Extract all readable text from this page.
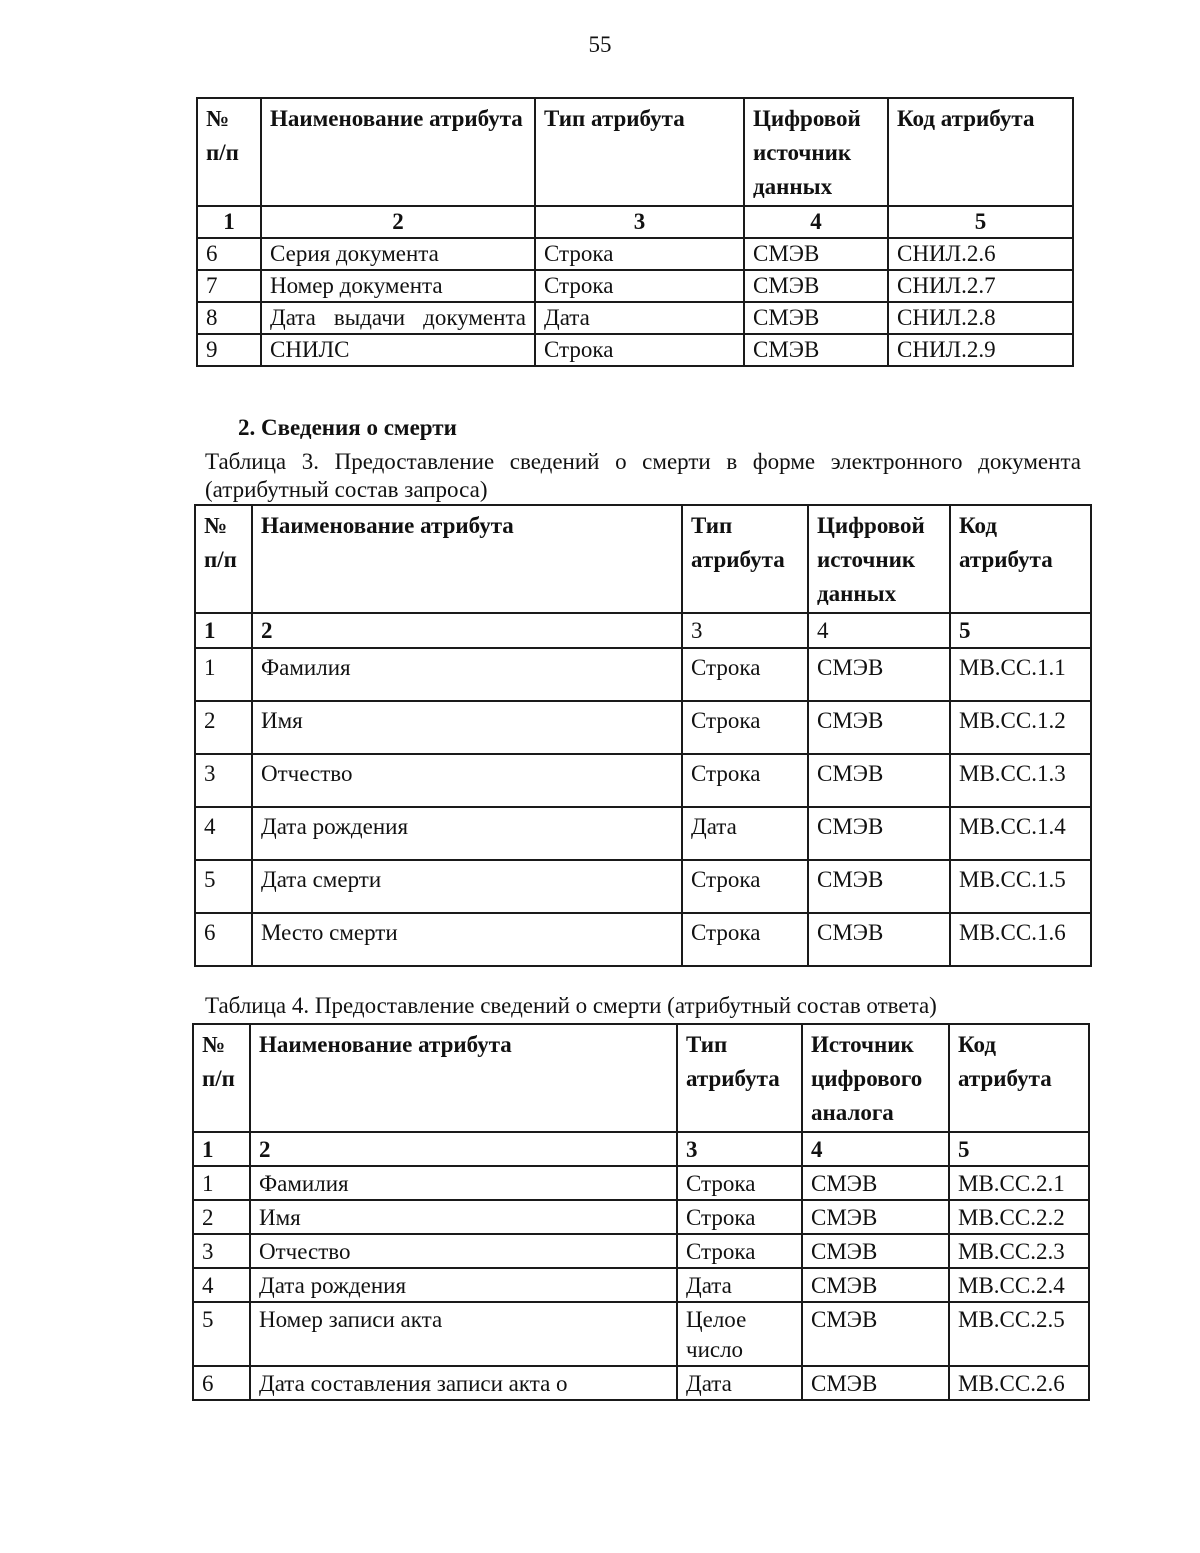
55
№ п/п	Наименование атрибута	Тип атрибута	Цифровой источник данных	Код атрибута
1	2	3	4	5
6	Серия документа	Строка	СМЭВ	СНИЛ.2.6
7	Номер документа	Строка	СМЭВ	СНИЛ.2.7
8	Дата выдачи документа	Дата	СМЭВ	СНИЛ.2.8
9	СНИЛС	Строка	СМЭВ	СНИЛ.2.9
2. Сведения о смерти
Таблица 3. Предоставление сведений о смерти в форме электронного документа (атрибутный состав запроса)
№ п/п	Наименование атрибута	Тип атрибута	Цифровой источник данных	Код атрибута
1	2	3	4	5
1	Фамилия	Строка	СМЭВ	МВ.СС.1.1
2	Имя	Строка	СМЭВ	МВ.СС.1.2
3	Отчество	Строка	СМЭВ	МВ.СС.1.3
4	Дата рождения	Дата	СМЭВ	МВ.СС.1.4
5	Дата смерти	Строка	СМЭВ	МВ.СС.1.5
6	Место смерти	Строка	СМЭВ	МВ.СС.1.6
Таблица 4. Предоставление сведений о смерти (атрибутный состав ответа)
№ п/п	Наименование атрибута	Тип атрибута	Источник цифрового аналога	Код атрибута
1	2	3	4	5
1	Фамилия	Строка	СМЭВ	МВ.СС.2.1
2	Имя	Строка	СМЭВ	МВ.СС.2.2
3	Отчество	Строка	СМЭВ	МВ.СС.2.3
4	Дата рождения	Дата	СМЭВ	МВ.СС.2.4
5	Номер записи акта	Целое число	СМЭВ	МВ.СС.2.5
6	Дата составления записи акта о	Дата	СМЭВ	МВ.СС.2.6
